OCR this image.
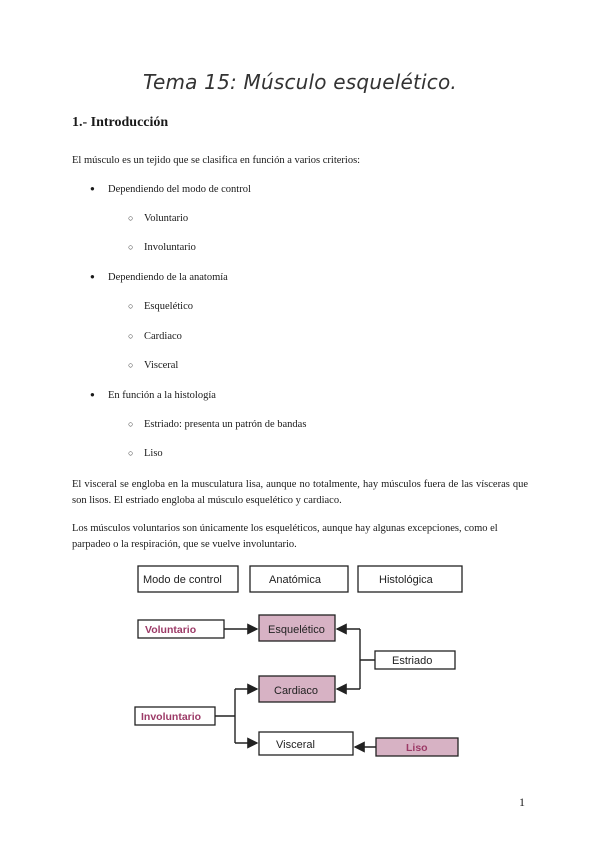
Tema 15: Músculo esquelético.
1.- Introducción
El músculo es un tejido que se clasifica en función a varios criterios:
● Dependiendo del modo de control
○ Voluntario
○ Involuntario
● Dependiendo de la anatomía
○ Esquelético
○ Cardiaco
○ Visceral
● En función a la histología
○ Estriado: presenta un patrón de bandas
○ Liso
El visceral se engloba en la musculatura lisa, aunque no totalmente, hay músculos fuera de las vísceras que son lisos. El estriado engloba al músculo esquelético y cardiaco.
Los músculos voluntarios son únicamente los esqueléticos, aunque hay algunas excepciones, como el parpadeo o la respiración, que se vuelve involuntario.
Modo de control	Anatómica	Histológica
Esquelético
Cardiaco
Visceral
Estriado
Voluntario
Involuntario
Liso
1
